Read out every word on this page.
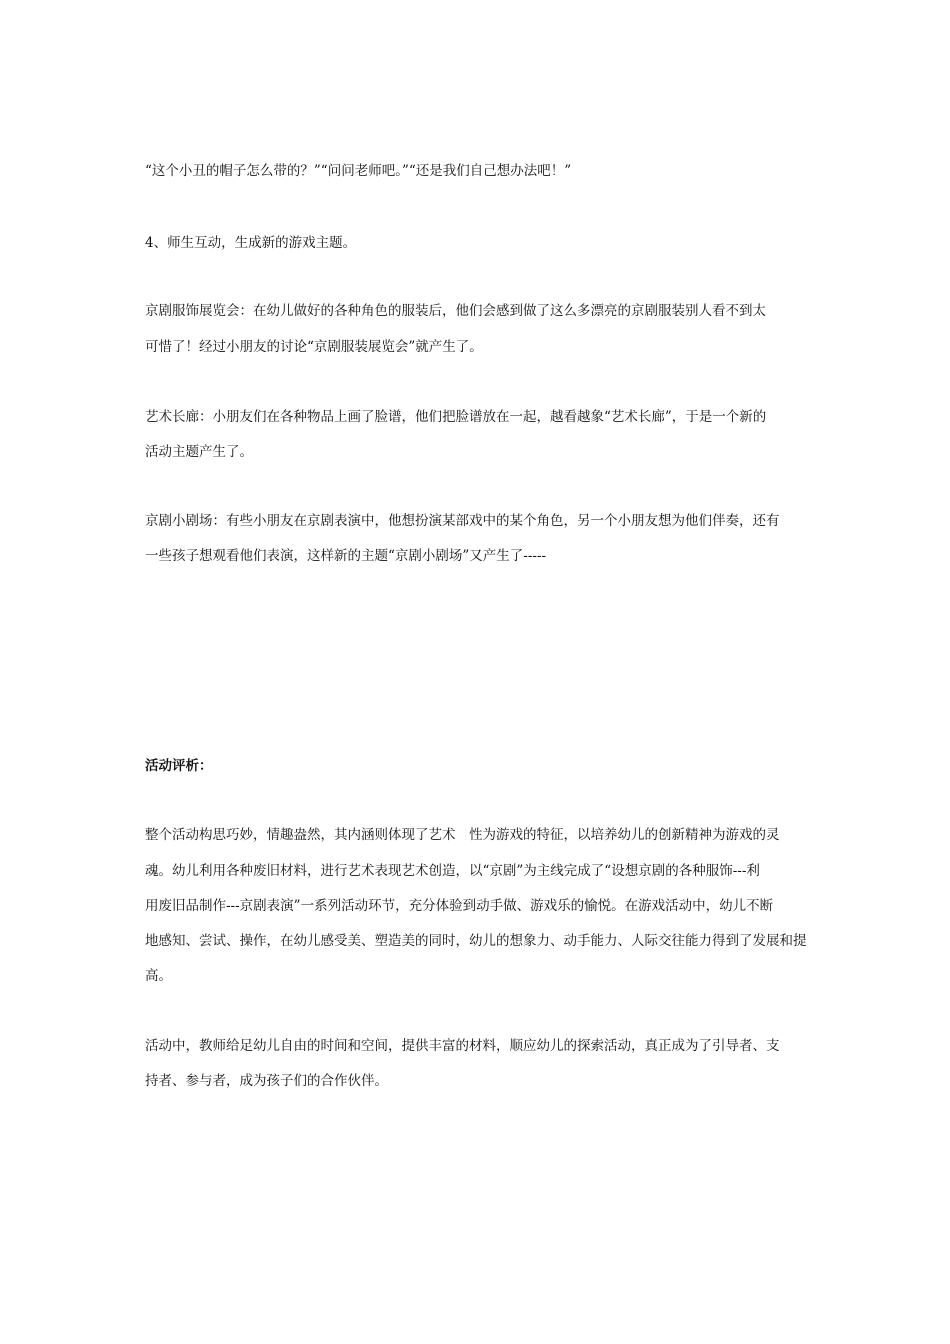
“这个小丑的帽子怎么带的？”“问问老师吧。”“还是我们自己想办法吧！”
4、师生互动，生成新的游戏主题。
京剧服饰展览会：在幼儿做好的各种角色的服装后，他们会感到做了这么多漂亮的京剧服装别人看不到太
可惜了！经过小朋友的讨论“京剧服装展览会”就产生了。
艺术长廊：小朋友们在各种物品上画了脸谱，他们把脸谱放在一起，越看越象“艺术长廊”，于是一个新的
活动主题产生了。
京剧小剧场：有些小朋友在京剧表演中，他想扮演某部戏中的某个角色，另一个小朋友想为他们伴奏，还有
一些孩子想观看他们表演，这样新的主题“京剧小剧场”又产生了-----
活动评析：
整个活动构思巧妙，情趣盎然，其内涵则体现了艺术　性为游戏的特征，以培养幼儿的创新精神为游戏的灵
魂。幼儿利用各种废旧材料，进行艺术表现艺术创造，以“京剧”为主线完成了“设想京剧的各种服饰---利
用废旧品制作---京剧表演”一系列活动环节，充分体验到动手做、游戏乐的愉悦。在游戏活动中，幼儿不断
地感知、尝试、操作，在幼儿感受美、塑造美的同时，幼儿的想象力、动手能力、人际交往能力得到了发展和提
高。
活动中，教师给足幼儿自由的时间和空间，提供丰富的材料，顺应幼儿的探索活动，真正成为了引导者、支
持者、参与者，成为孩子们的合作伙伴。
